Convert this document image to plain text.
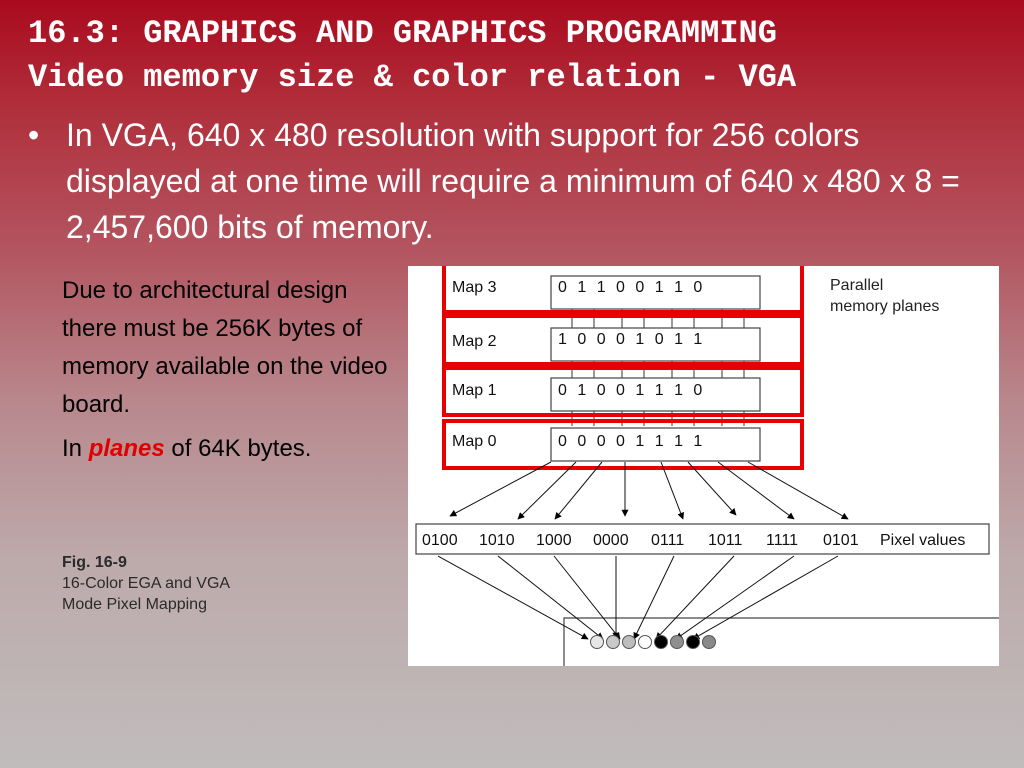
16.3: GRAPHICS AND GRAPHICS PROGRAMMING
Video memory size & color relation - VGA
• In VGA, 640 x 480 resolution with support for 256 colors displayed at one time will require a minimum of 640 x 480 x 8 = 2,457,600 bits of memory.

Due to architectural design there must be 256K bytes of memory available on the video board.

In planes of 64K bytes.

Fig. 16-9
16-Color EGA and VGA
Mode Pixel Mapping
Map 3	0 1 1 0 0 1 1 0
Map 2	1 0 0 0 1 0 1 1
Map 1	0 1 0 0 1 1 1 0
Map 0	0 0 0 0 1 1 1 1
Parallel
memory planes
0100 1010 1000 0000 0111 1011 1111 0101 Pixel values
